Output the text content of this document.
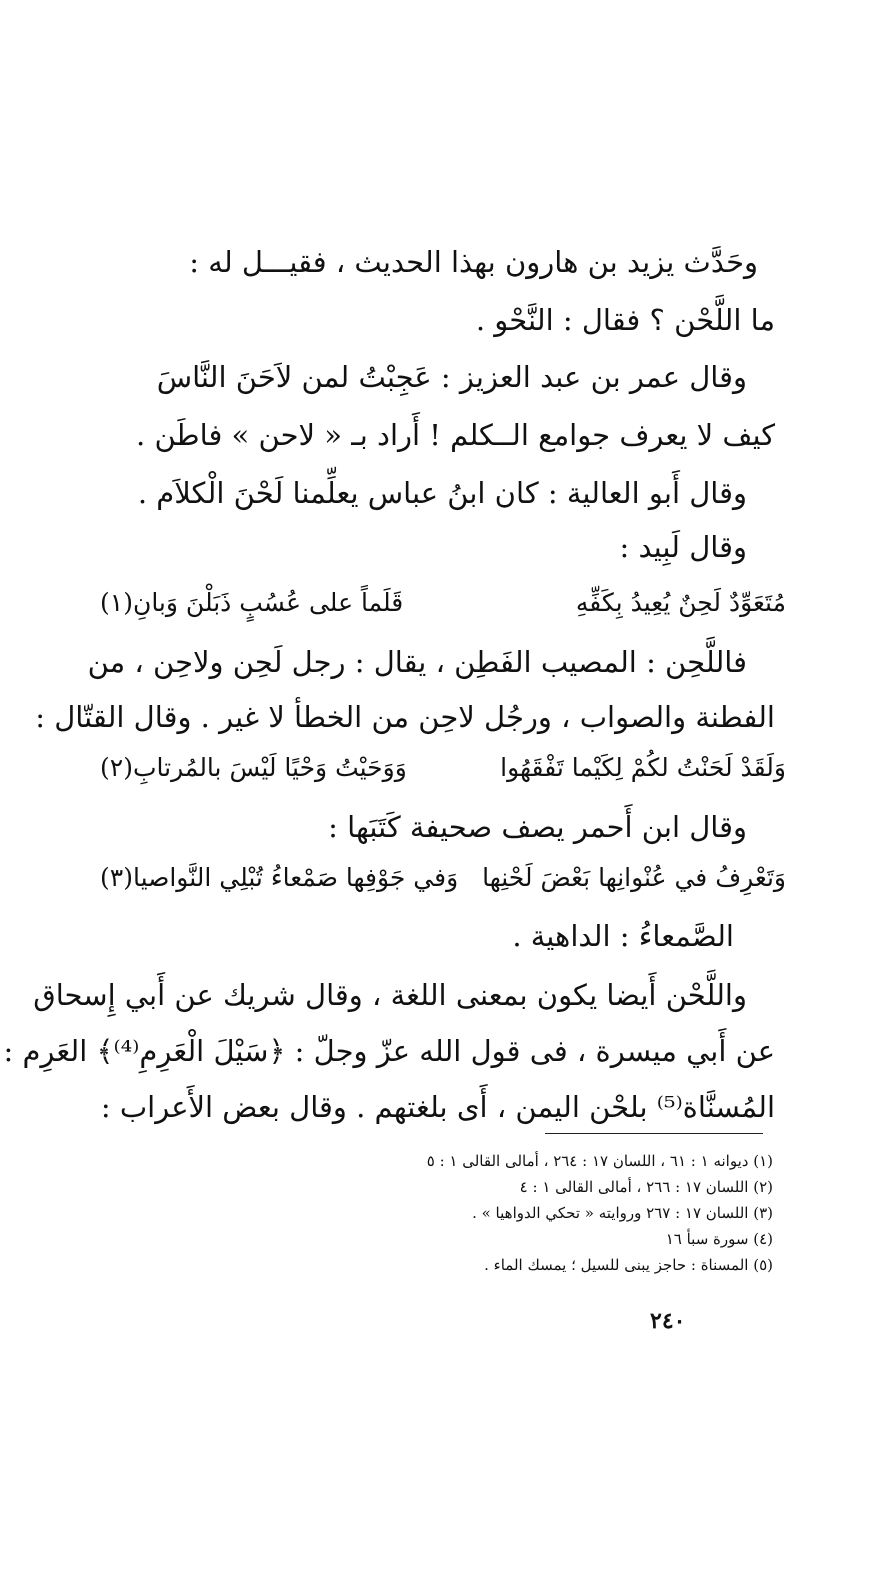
وحَدَّث يزيد بن هارون بهذا الحديث ، فقيـــل له :
ما اللَّحْن ؟ فقال : النَّحْو .
وقال عمر بن عبد العزيز : عَجِبْتُ لمن لاَحَنَ النَّاسَ
كيف لا يعرف جوامع الــكلم ! أَراد بـ « لاحن » فاطَن .
وقال أَبو العالية : كان ابنُ عباس يعلِّمنا لَحْنَ الْكلاَم .
وقال لَبِيد :
مُتَعَوِّدٌ لَحِنٌ يُعِيدُ بِكَفِّهِ
قَلَماً على عُسُبٍ ذَبَلْنَ وَبانِ(١)
فاللَّحِن : المصيب الفَطِن ، يقال : رجل لَحِن ولاحِن ، من
الفطنة والصواب ، ورجُل لاحِن من الخطأ لا غير . وقال القتّال :
وَلَقَدْ لَحَنْتُ لكُمْ لِكَيْما تَفْقَهُوا
وَوَحَيْتُ وَحْيًا لَيْسَ بالمُرتابِ(٢)
وقال ابن أَحمر يصف صحيفة كَتَبَها :
وَتَعْرِفُ في عُنْوانِها بَعْضَ لَحْنِها
وَفي جَوْفِها صَمْعاءُ تُبْلِي النَّواصيا(٣)
الصَّمعاءُ : الداهية .
واللَّحْن أَيضا يكون بمعنى اللغة ، وقال شريك عن أَبي إِسحاق
عن أَبي ميسرة ، فى قول الله عزّ وجلّ : ﴿سَيْلَ الْعَرِمِ⁽⁴⁾﴾ العَرِم :
المُسنَّاة⁽⁵⁾ بلحْن اليمن ، أَى بلغتهم . وقال بعض الأَعراب :
(١) ديوانه ١ : ٦١ ، اللسان ١٧ : ٢٦٤ ، أمالى القالى ١ : ٥
(٢) اللسان ١٧ : ٢٦٦ ، أمالى القالى ١ : ٤
(٣) اللسان ١٧ : ٢٦٧ وروايته « تحكي الدواهيا » .
(٤) سورة سبأ ١٦
(٥) المسناة : حاجز يبنى للسيل ؛ يمسك الماء .
٢٤٠
